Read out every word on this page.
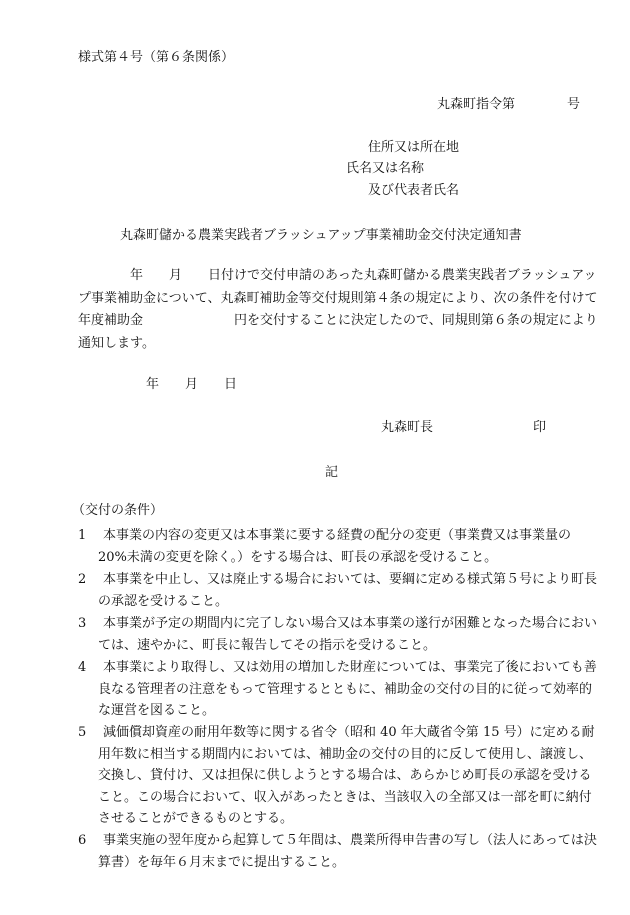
様式第４号（第６条関係）
丸森町指令第　　　　号
住所又は所在地
氏名又は名称
及び代表者氏名
丸森町儲かる農業実践者ブラッシュアップ事業補助金交付決定通知書
　　　　年　　月　　日付けで交付申請のあった丸森町儲かる農業実践者ブラッシュアップ事業補助金について、丸森町補助金等交付規則第４条の規定により、次の条件を付けて　　年度補助金　　　　　　　円を交付することに決定したので、同規則第６条の規定により通知します。
年　　月　　日
丸森町長	印
記
（交付の条件）
1 　本事業の内容の変更又は本事業に要する経費の配分の変更（事業費又は事業量の 20%未満の変更を除く。）をする場合は、町長の承認を受けること。
2 　本事業を中止し、又は廃止する場合においては、要綱に定める様式第５号により町長の承認を受けること。
3 　本事業が予定の期間内に完了しない場合又は本事業の遂行が困難となった場合においては、速やかに、町長に報告してその指示を受けること。
4 　本事業により取得し、又は効用の増加した財産については、事業完了後においても善良なる管理者の注意をもって管理するとともに、補助金の交付の目的に従って効率的な運営を図ること。
5 　減価償却資産の耐用年数等に関する省令（昭和 40 年大蔵省令第 15 号）に定める耐用年数に相当する期間内においては、補助金の交付の目的に反して使用し、譲渡し、交換し、貸付け、又は担保に供しようとする場合は、あらかじめ町長の承認を受けること。この場合において、収入があったときは、当該収入の全部又は一部を町に納付させることができるものとする。
6 　事業実施の翌年度から起算して５年間は、農業所得申告書の写し（法人にあっては決算書）を毎年６月末までに提出すること。
